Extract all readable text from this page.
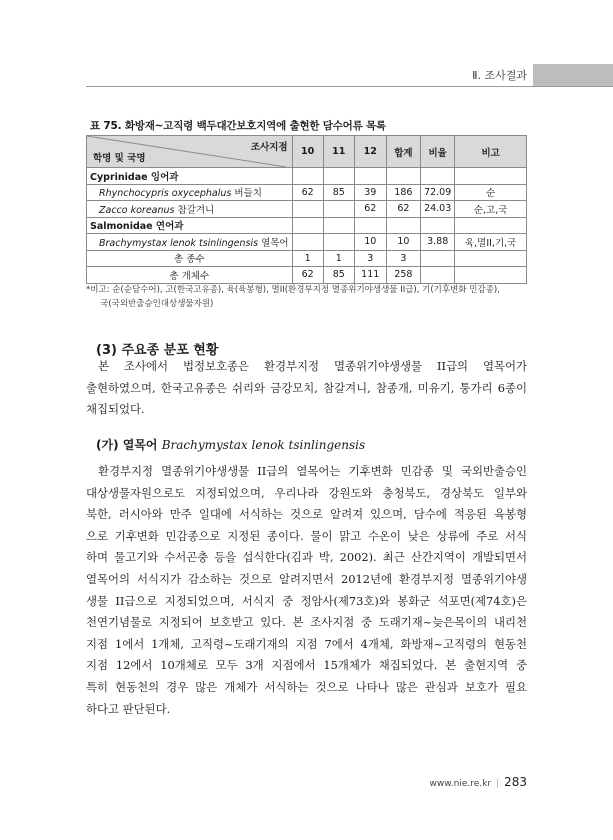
Ⅱ. 조사결과
표 75. 화방재~고직령 백두대간보호지역에 출현한 담수어류 목록
조사지점
학명 및 국명	10	11	12	합계	비율	비고
Cyprinidae 잉어과						
Rhynchocypris oxycephalus 버들치	62	85	39	186	72.09	순
Zacco koreanus 참갈겨니			62	62	24.03	순,고,국
Salmonidae 연어과						
Brachymystax lenok tsinlingensis 열목어			10	10	3.88	육,멸II,기,국
총 종수	1	1	3	3		
총 개체수	62	85	111	258		
*비고: 순(순담수어), 고(한국고유종), 육(육봉형), 멸II(환경부지정 멸종위기야생생물 II급), 기(기후변화 민감종),
국(국외반출승인대상생물자원)
(3) 주요종 분포 현황
본 조사에서 법정보호종은 환경부지정 멸종위기야생생물 II급의 열목어가
출현하였으며, 한국고유종은 쉬리와 금강모치, 참갈겨니, 참종개, 미유기, 퉁가리 6종이
채집되었다.
(가) 열목어 Brachymystax lenok tsinlingensis
환경부지정 멸종위기야생생물 II급의 열목어는 기후변화 민감종 및 국외반출승인
대상생물자원으로도 지정되었으며, 우리나라 강원도와 충청북도, 경상북도 일부와
북한, 러시아와 만주 일대에 서식하는 것으로 알려져 있으며, 담수에 적응된 육봉형
으로 기후변화 민감종으로 지정된 종이다. 물이 맑고 수온이 낮은 상류에 주로 서식
하며 물고기와 수서곤충 등을 섭식한다(김과 박, 2002). 최근 산간지역이 개발되면서
열목어의 서식지가 감소하는 것으로 알려지면서 2012년에 환경부지정 멸종위기야생
생물 II급으로 지정되었으며, 서식지 중 정암사(제73호)와 봉화군 석포면(제74호)은
천연기념물로 지정되어 보호받고 있다. 본 조사지점 중 도래기재~늦은목이의 내리천
지점 1에서 1개체, 고직령~도래기재의 지점 7에서 4개체, 화방재~고직령의 현동천
지점 12에서 10개체로 모두 3개 지점에서 15개체가 채집되었다. 본 출현지역 중
특히 현동천의 경우 많은 개체가 서식하는 것으로 나타나 많은 관심과 보호가 필요
하다고 판단된다.
www.nie.re.kr | 283
